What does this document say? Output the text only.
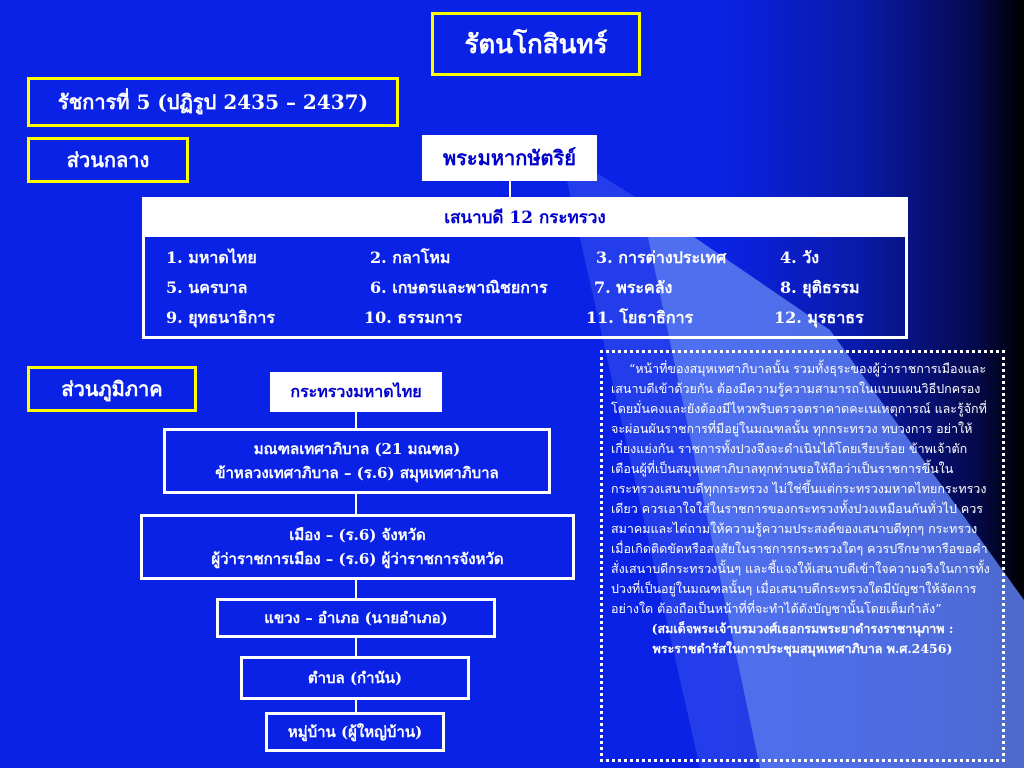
รัตนโกสินทร์
รัชการที่ 5 (ปฏิรูป 2435 – 2437)
ส่วนกลาง	พระมหากษัตริย์
เสนาบดี 12 กระทรวง
1. มหาดไทย	2. กลาโหม	3. การต่างประเทศ	4. วัง
5. นครบาล	6. เกษตรและพาณิชยการ	7. พระคลัง	8. ยุติธรรม
9. ยุทธนาธิการ	10. ธรรมการ	11. โยธาธิการ	12. มุรธาธร
ส่วนภูมิภาค	กระทรวงมหาดไทย
มณฑลเทศาภิบาล (21 มณฑล)
ข้าหลวงเทศาภิบาล – (ร.6) สมุหเทศาภิบาล
เมือง – (ร.6) จังหวัด
ผู้ว่าราชการเมือง – (ร.6) ผู้ว่าราชการจังหวัด
แขวง – อำเภอ (นายอำเภอ)
ตำบล (กำนัน)
หมู่บ้าน (ผู้ใหญ่บ้าน)
“หน้าที่ของสมุหเทศาภิบาลนั้น รวมทั้งธุระของผู้ว่าราชการเมืองและเสนาบดีเข้าด้วยกัน ต้องมีความรู้ความสามารถในแบบแผนวิธีปกครอง โดยมั่นคงและยังต้องมีไหวพริบตรวจตราคาดคะเนเหตุการณ์ และรู้จักที่จะผ่อนผันราชการที่มีอยู่ในมณฑลนั้น ทุกกระทรวง ทบวงการ อย่าให้เกี่ยงแย่งกัน ราชการทั้งปวงจึงจะดำเนินได้โดยเรียบร้อย ข้าพเจ้าตักเตือนผู้ที่เป็นสมุหเทศาภิบาลทุกท่านขอให้ถือว่าเป็นราชการขึ้นในกระทรวงเสนาบดีทุกกระทรวง ไม่ใช่ขึ้นแต่กระทรวงมหาดไทยกระทรวงเดียว ควรเอาใจใส่ในราชการของกระทรวงทั้งปวงเหมือนกันทั่วไป ควรสมาคมและไต่ถามให้ความรู้ความประสงค์ของเสนาบดีทุกๆ กระทรวง เมื่อเกิดติดขัดหรือสงสัยในราชการกระทรวงใดๆ ควรปรึกษาหารือขอคำสั่งเสนาบดีกระทรวงนั้นๆ และชี้แจงให้เสนาบดีเข้าใจความจริงในการทั้งปวงที่เป็นอยู่ในมณฑลนั้นๆ เมื่อเสนาบดีกระทรวงใดมีบัญชาให้จัดการอย่างใด ต้องถือเป็นหน้าที่ที่จะทำได้ดังบัญชานั้นโดยเต็มกำลัง”
(สมเด็จพระเจ้าบรมวงศ์เธอกรมพระยาดำรงราชานุภาพ :
พระราชดำรัสในการประชุมสมุหเทศาภิบาล พ.ศ.2456)
